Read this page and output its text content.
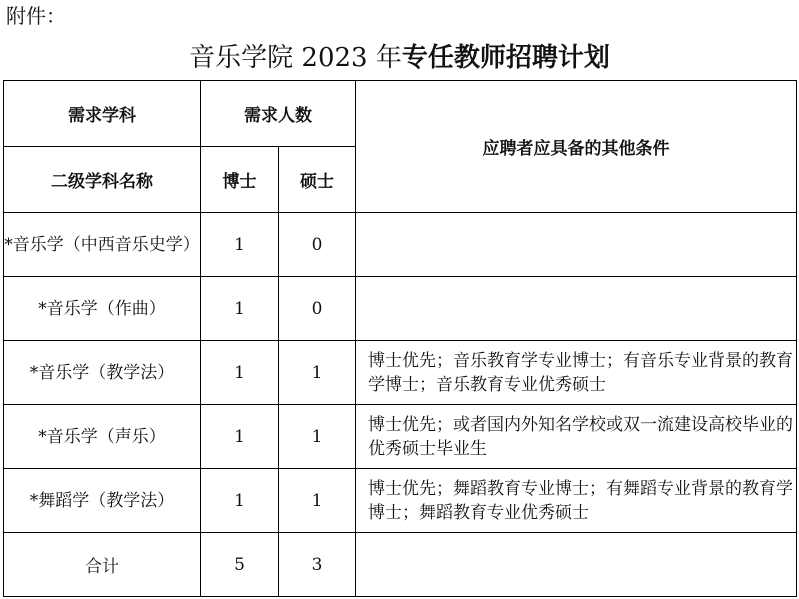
附件：
音乐学院 2023 年专任教师招聘计划
需求学科	需求人数		应聘者应具备的其他条件
二级学科名称	博士	硕士	
*音乐学（中西音乐史学）	1	0	
*音乐学（作曲）	1	0	
*音乐学（教学法）	1	1	博士优先；音乐教育学专业博士；有音乐专业背景的教育学博士；音乐教育专业优秀硕士
*音乐学（声乐）	1	1	博士优先；或者国内外知名学校或双一流建设高校毕业的优秀硕士毕业生
*舞蹈学（教学法）	1	1	博士优先；舞蹈教育专业博士；有舞蹈专业背景的教育学博士；舞蹈教育专业优秀硕士
合计	5	3	
